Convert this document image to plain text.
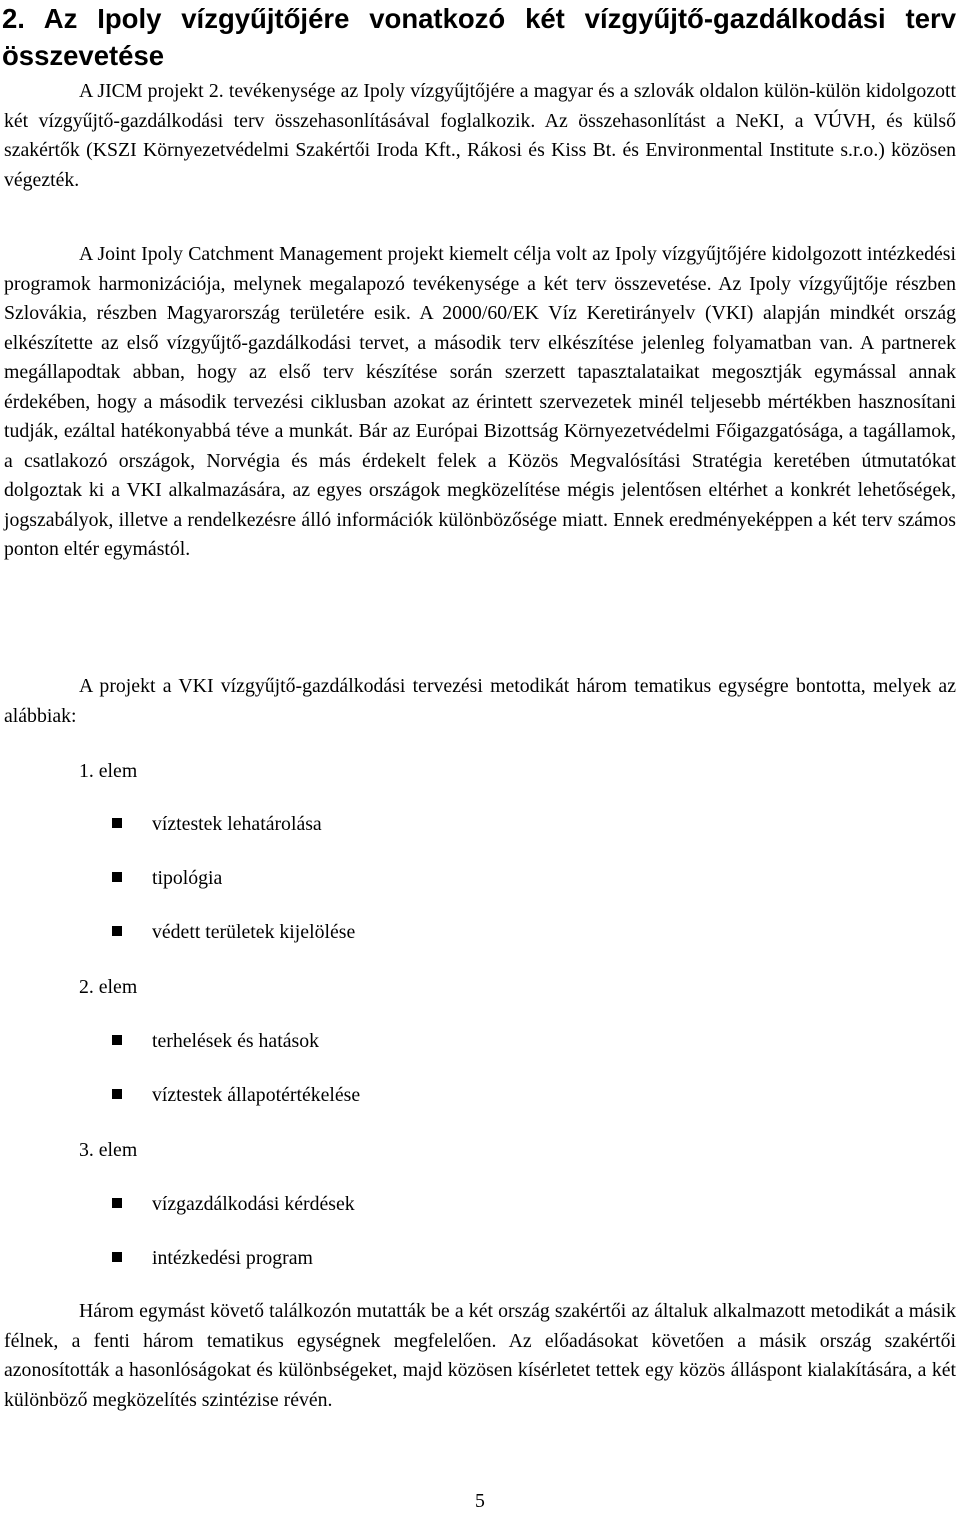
2. Az Ipoly vízgyűjtőjére vonatkozó két vízgyűjtő-gazdálkodási terv összevetése

A JICM projekt 2. tevékenysége az Ipoly vízgyűjtőjére a magyar és a szlovák oldalon külön-külön kidolgozott két vízgyűjtő-gazdálkodási terv összehasonlításával foglalkozik. Az összehasonlítást a NeKI, a VÚVH, és külső szakértők (KSZI Környezetvédelmi Szakértői Iroda Kft., Rákosi és Kiss Bt. és Environmental Institute s.r.o.) közösen végezték.

A Joint Ipoly Catchment Management projekt kiemelt célja volt az Ipoly vízgyűjtőjére kidolgozott intézkedési programok harmonizációja, melynek megalapozó tevékenysége a két terv összevetése. Az Ipoly vízgyűjtője részben Szlovákia, részben Magyarország területére esik. A 2000/60/EK Víz Keretirányelv (VKI) alapján mindkét ország elkészítette az első vízgyűjtő-gazdálkodási tervet, a második terv elkészítése jelenleg folyamatban van. A partnerek megállapodtak abban, hogy az első terv készítése során szerzett tapasztalataikat megosztják egymással annak érdekében, hogy a második tervezési ciklusban azokat az érintett szervezetek minél teljesebb mértékben hasznosítani tudják, ezáltal hatékonyabbá téve a munkát. Bár az Európai Bizottság Környezetvédelmi Főigazgatósága, a tagállamok, a csatlakozó országok, Norvégia és más érdekelt felek a Közös Megvalósítási Stratégia keretében útmutatókat dolgoztak ki a VKI alkalmazására, az egyes országok megközelítése mégis jelentősen eltérhet a konkrét lehetőségek, jogszabályok, illetve a rendelkezésre álló információk különbözősége miatt. Ennek eredményeképpen a két terv számos ponton eltér egymástól.

A projekt a VKI vízgyűjtő-gazdálkodási tervezési metodikát három tematikus egységre bontotta, melyek az alábbiak:

1. elem

víztestek lehatárolása

tipológia

védett területek kijelölése

2. elem

terhelések és hatások

víztestek állapotértékelése

3. elem

vízgazdálkodási kérdések

intézkedési program

Három egymást követő találkozón mutatták be a két ország szakértői az általuk alkalmazott metodikát a másik félnek, a fenti három tematikus egységnek megfelelően. Az előadásokat követően a másik ország szakértői azonosították a hasonlóságokat és különbségeket, majd közösen kísérletet tettek egy közös álláspont kialakítására, a két különböző megközelítés szintézise révén.

5
